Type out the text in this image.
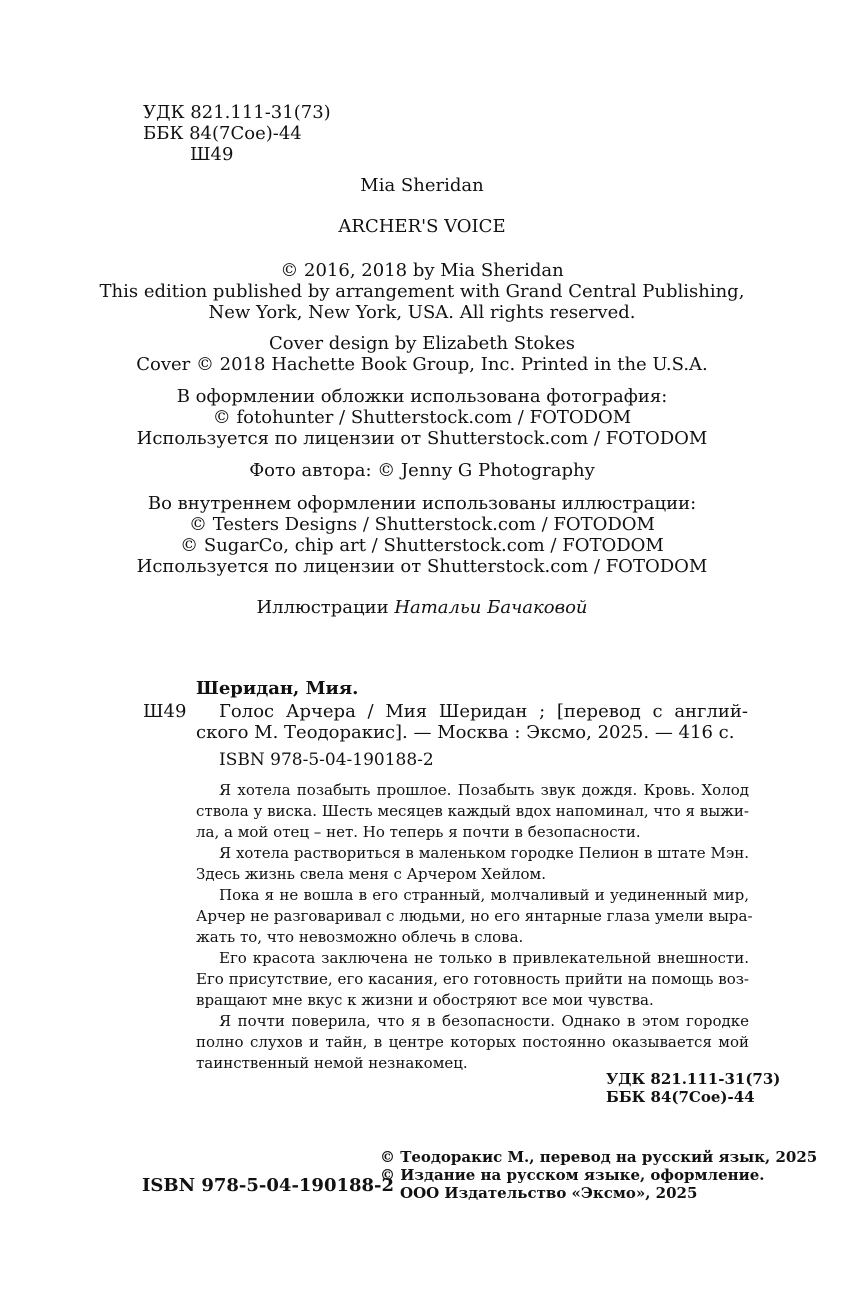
УДК 821.111-31(73)
ББК 84(7Сое)-44
Ш49
Mia Sheridan
ARCHER'S VOICE
© 2016, 2018 by Mia Sheridan
This edition published by arrangement with Grand Central Publishing,
New York, New York, USA. All rights reserved.
Cover design by Elizabeth Stokes
Cover © 2018 Hachette Book Group, Inc. Printed in the U.S.A.
В оформлении обложки использована фотография:
© fotohunter / Shutterstock.com / FOTODOM
Используется по лицензии от Shutterstock.com / FOTODOM
Фото автора: © Jenny G Photography
Во внутреннем оформлении использованы иллюстрации:
© Testers Designs / Shutterstock.com / FOTODOM
© SugarCo, chip art / Shutterstock.com / FOTODOM
Используется по лицензии от Shutterstock.com / FOTODOM
Иллюстрации Натальи Бачаковой
Шеридан, Мия.
Ш49 Голос Арчера / Мия Шеридан ; [перевод с англий-
ского М. Теодоракис]. — Москва : Эксмо, 2025. — 416 с.
ISBN 978-5-04-190188-2
Я хотела позабыть прошлое. Позабыть звук дождя. Кровь. Холод
ствола у виска. Шесть месяцев каждый вдох напоминал, что я выжи-
ла, а мой отец – нет. Но теперь я почти в безопасности.
Я хотела раствориться в маленьком городке Пелион в штате Мэн.
Здесь жизнь свела меня с Арчером Хейлом.
Пока я не вошла в его странный, молчаливый и уединенный мир,
Арчер не разговаривал с людьми, но его янтарные глаза умели выра-
жать то, что невозможно облечь в слова.
Его красота заключена не только в привлекательной внешности.
Его присутствие, его касания, его готовность прийти на помощь воз-
вращают мне вкус к жизни и обостряют все мои чувства.
Я почти поверила, что я в безопасности. Однако в этом городке
полно слухов и тайн, в центре которых постоянно оказывается мой
таинственный немой незнакомец.
УДК 821.111-31(73)
ББК 84(7Сое)-44
© Теодоракис М., перевод на русский язык, 2025
© Издание на русском языке, оформление.
ООО Издательство «Эксмо», 2025
ISBN 978-5-04-190188-2
